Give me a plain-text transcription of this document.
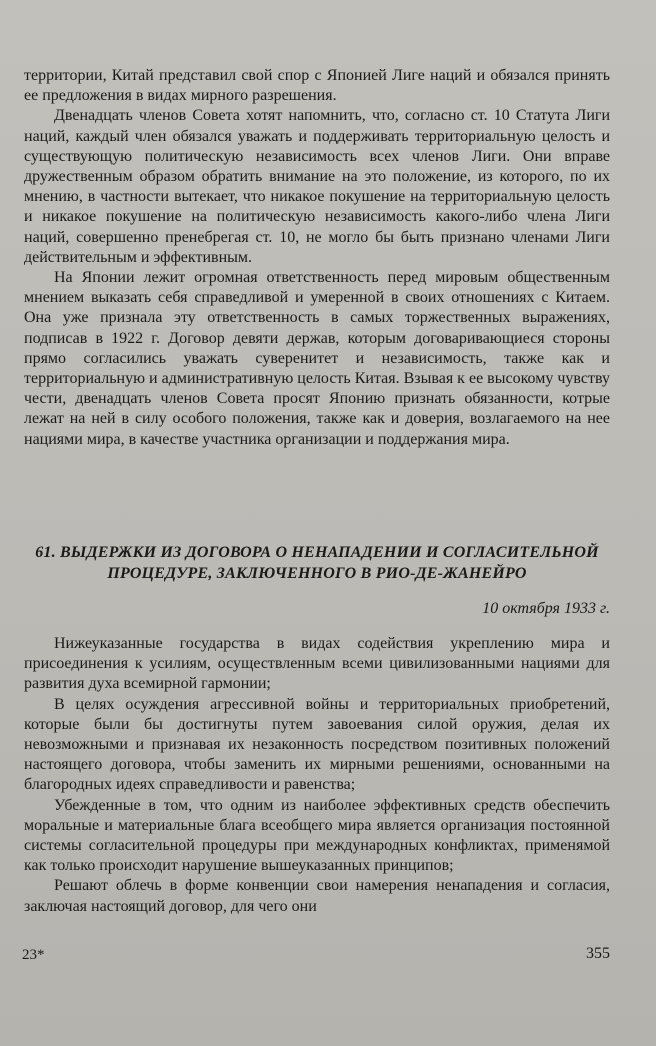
территории, Китай представил свой спор с Японией Лиге наций и обязался принять ее предложения в видах мирного разрешения.

Двенадцать членов Совета хотят напомнить, что, согласно ст. 10 Статута Лиги наций, каждый член обязался уважать и поддерживать территориальную целость и существующую политическую независимость всех членов Лиги. Они вправе дружественным образом обратить внимание на это положение, из которого, по их мнению, в частности вытекает, что никакое покушение на территориальную целость и никакое покушение на политическую независимость какого-либо члена Лиги наций, совершенно пренебрегая ст. 10, не могло бы быть признано членами Лиги действительным и эффективным.

На Японии лежит огромная ответственность перед мировым общественным мнением выказать себя справедливой и умеренной в своих отношениях с Китаем. Она уже признала эту ответственность в самых торжественных выражениях, подписав в 1922 г. Договор девяти держав, которым договаривающиеся стороны прямо согласились уважать суверенитет и независимость, также как и территориальную и административную целость Китая. Взывая к ее высокому чувству чести, двенадцать членов Совета просят Японию признать обязанности, котрые лежат на ней в силу особого положения, также как и доверия, возлагаемого на нее нациями мира, в качестве участника организации и поддержания мира.

61. ВЫДЕРЖКИ ИЗ ДОГОВОРА О НЕНАПАДЕНИИ И СОГЛАСИТЕЛЬНОЙ ПРОЦЕДУРЕ, ЗАКЛЮЧЕННОГО В РИО-ДЕ-ЖАНЕЙРО
10 октября 1933 г.

Нижеуказанные государства в видах содействия укреплению мира и присоединения к усилиям, осуществленным всеми цивилизованными нациями для развития духа всемирной гармонии;

В целях осуждения агрессивной войны и территориальных приобретений, которые были бы достигнуты путем завоевания силой оружия, делая их невозможными и признавая их незаконность посредством позитивных положений настоящего договора, чтобы заменить их мирными решениями, основанными на благородных идеях справедливости и равенства;

Убежденные в том, что одним из наиболее эффективных средств обеспечить моральные и материальные блага всеобщего мира является организация постоянной системы согласительной процедуры при международных конфликтах, применямой как только происходит нарушение вышеуказанных принципов;

Решают облечь в форме конвенции свои намерения ненападения и согласия, заключая настоящий договор, для чего они

23*	355
